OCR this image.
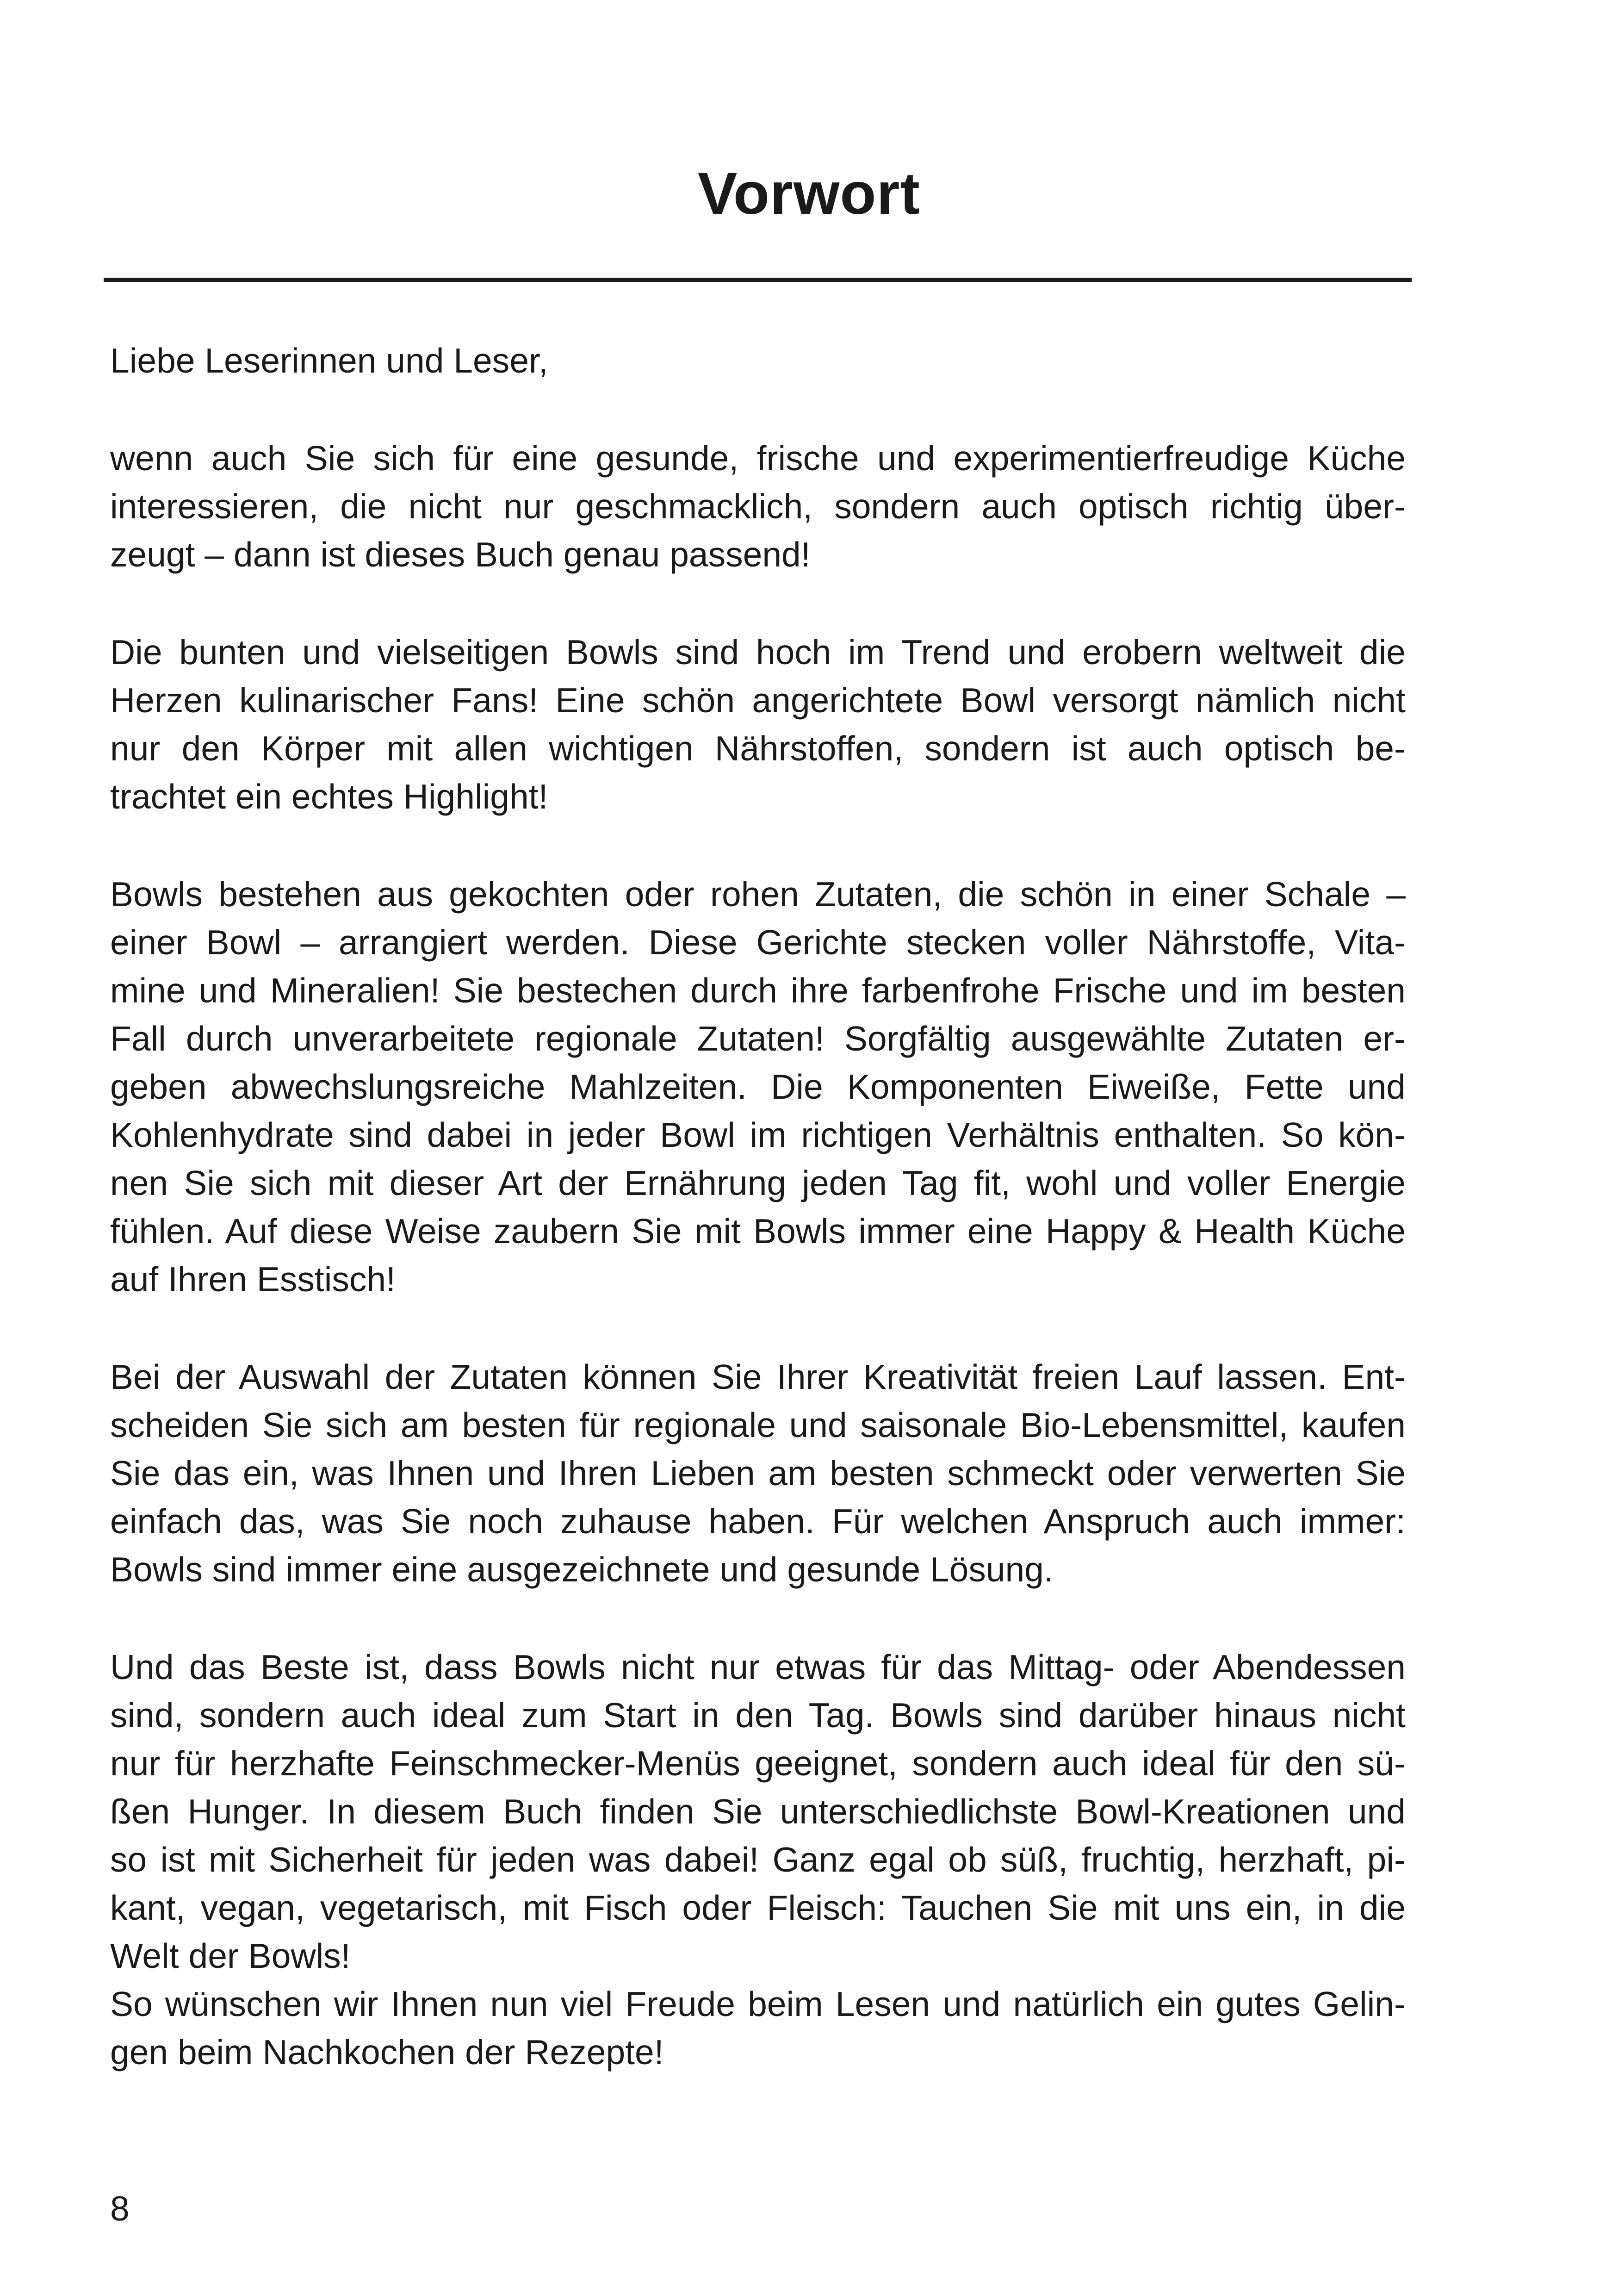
Vorwort

Liebe Leserinnen und Leser,

wenn auch Sie sich für eine gesunde, frische und experimentierfreudige Küche
interessieren, die nicht nur geschmacklich, sondern auch optisch richtig über-
zeugt – dann ist dieses Buch genau passend!

Die bunten und vielseitigen Bowls sind hoch im Trend und erobern weltweit die
Herzen kulinarischer Fans! Eine schön angerichtete Bowl versorgt nämlich nicht
nur den Körper mit allen wichtigen Nährstoffen, sondern ist auch optisch be-
trachtet ein echtes Highlight!

Bowls bestehen aus gekochten oder rohen Zutaten, die schön in einer Schale –
einer Bowl – arrangiert werden. Diese Gerichte stecken voller Nährstoffe, Vita-
mine und Mineralien! Sie bestechen durch ihre farbenfrohe Frische und im besten
Fall durch unverarbeitete regionale Zutaten! Sorgfältig ausgewählte Zutaten er-
geben abwechslungsreiche Mahlzeiten. Die Komponenten Eiweiße, Fette und
Kohlenhydrate sind dabei in jeder Bowl im richtigen Verhältnis enthalten. So kön-
nen Sie sich mit dieser Art der Ernährung jeden Tag fit, wohl und voller Energie
fühlen. Auf diese Weise zaubern Sie mit Bowls immer eine Happy & Health Küche
auf Ihren Esstisch!

Bei der Auswahl der Zutaten können Sie Ihrer Kreativität freien Lauf lassen. Ent-
scheiden Sie sich am besten für regionale und saisonale Bio-Lebensmittel, kaufen
Sie das ein, was Ihnen und Ihren Lieben am besten schmeckt oder verwerten Sie
einfach das, was Sie noch zuhause haben. Für welchen Anspruch auch immer:
Bowls sind immer eine ausgezeichnete und gesunde Lösung.

Und das Beste ist, dass Bowls nicht nur etwas für das Mittag- oder Abendessen
sind, sondern auch ideal zum Start in den Tag. Bowls sind darüber hinaus nicht
nur für herzhafte Feinschmecker-Menüs geeignet, sondern auch ideal für den sü-
ßen Hunger. In diesem Buch finden Sie unterschiedlichste Bowl-Kreationen und
so ist mit Sicherheit für jeden was dabei! Ganz egal ob süß, fruchtig, herzhaft, pi-
kant, vegan, vegetarisch, mit Fisch oder Fleisch: Tauchen Sie mit uns ein, in die
Welt der Bowls!
So wünschen wir Ihnen nun viel Freude beim Lesen und natürlich ein gutes Gelin-
gen beim Nachkochen der Rezepte!

8
